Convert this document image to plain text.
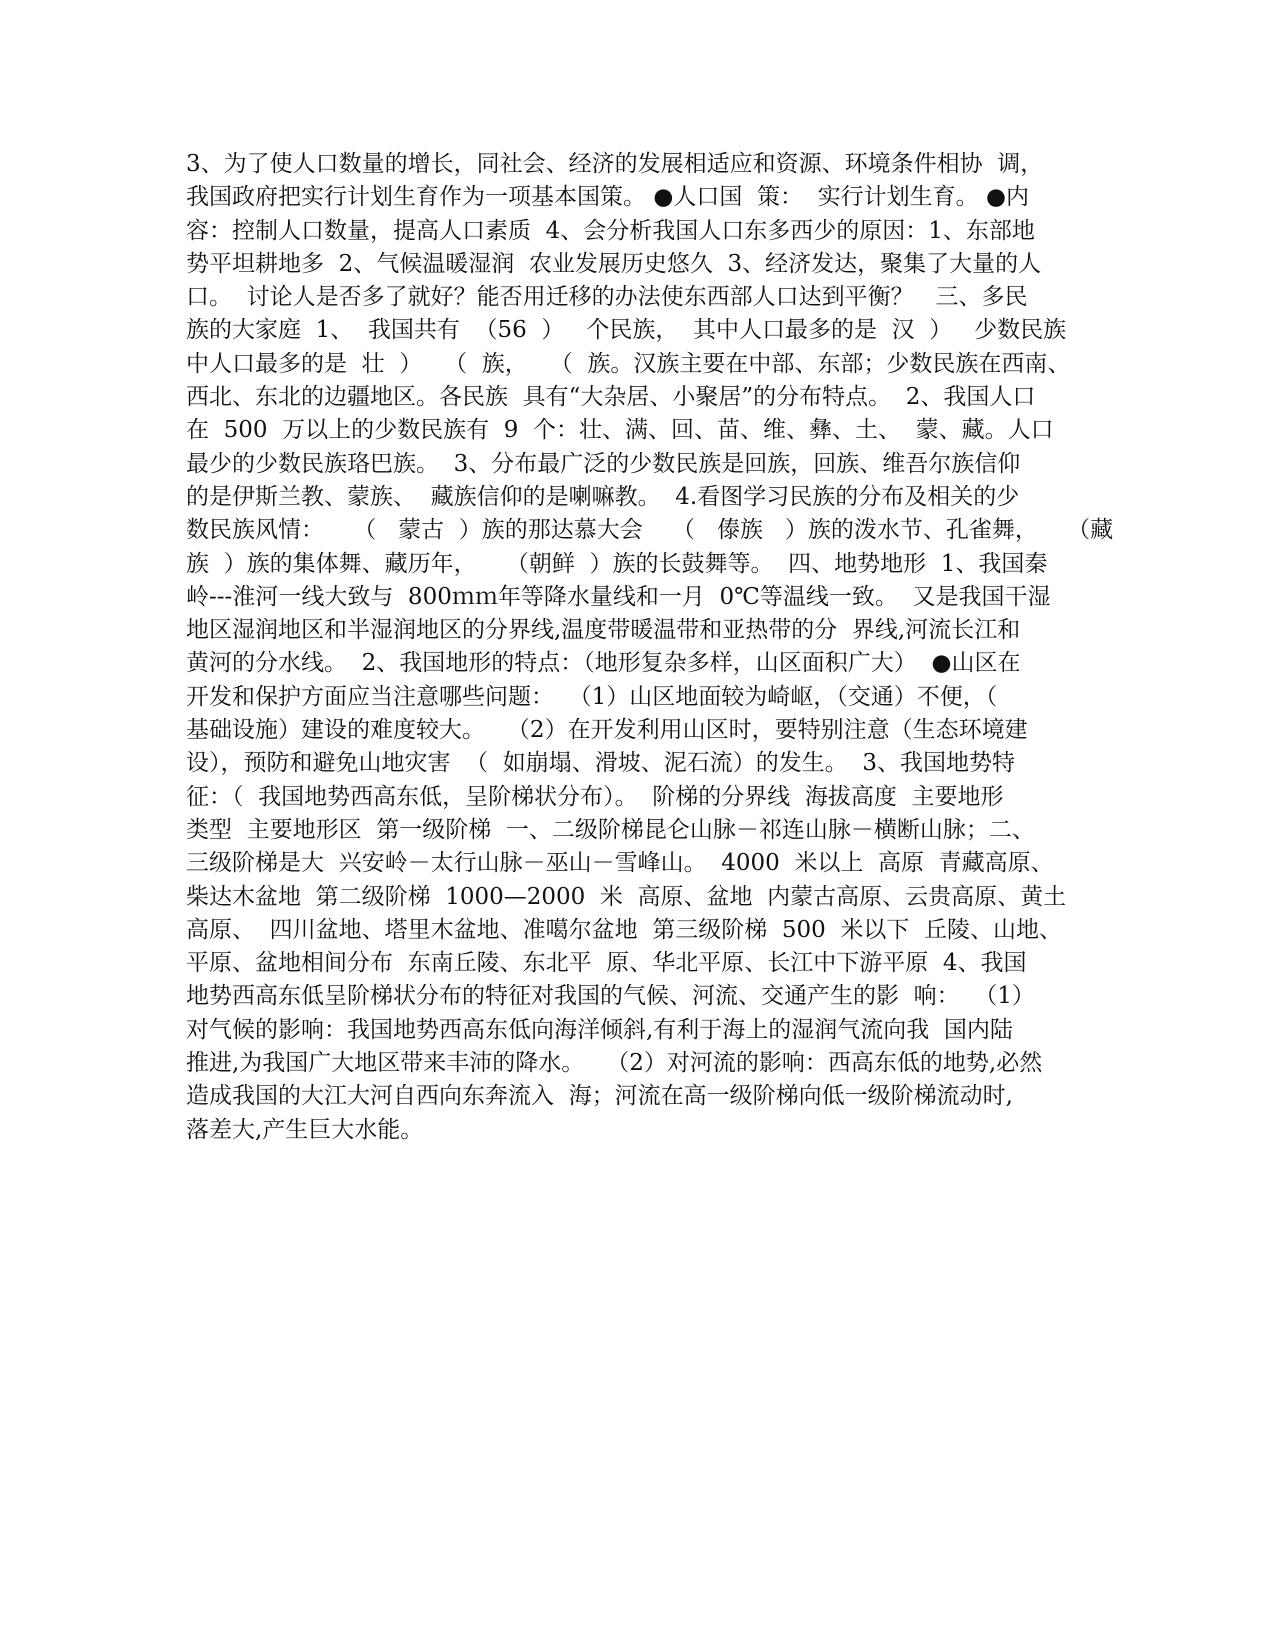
3、为了使人口数量的增长，同社会、经济的发展相适应和资源、环境条件相协  调，
我国政府把实行计划生育作为一项基本国策。 ●人口国  策：  实行计划生育。 ●内
容：控制人口数量，提高人口素质  4、会分析我国人口东多西少的原因：1、东部地
势平坦耕地多  2、气候温暖湿润  农业发展历史悠久  3、经济发达，聚集了大量的人
口。  讨论人是否多了就好？能否用迁移的办法使东西部人口达到平衡？   三、多民
族的大家庭  1、  我国共有  （56  ）   个民族，  其中人口最多的是  汉  ）   少数民族
中人口最多的是  壮  ）   （  族，   （  族。汉族主要在中部、东部；少数民族在西南、
西北、东北的边疆地区。各民族  具有“大杂居、小聚居”的分布特点。  2、我国人口
在  500  万以上的少数民族有  9  个：壮、满、回、苗、维、彝、土、  蒙、藏。人口
最少的少数民族珞巴族。  3、分布最广泛的少数民族是回族，回族、维吾尔族信仰
的是伊斯兰教、蒙族、  藏族信仰的是喇嘛教。  4.看图学习民族的分布及相关的少
数民族风情：    （   蒙古  ）族的那达慕大会    （   傣族   ）族的泼水节、孔雀舞，    （藏
族  ）族的集体舞、藏历年，    （朝鲜  ）族的长鼓舞等。  四、地势地形  1、我国秦
岭---淮河一线大致与  800ｍｍ年等降水量线和一月  0℃等温线一致。  又是我国干湿
地区湿润地区和半湿润地区的分界线,温度带暖温带和亚热带的分  界线,河流长江和
黄河的分水线。  2、我国地形的特点：（地形复杂多样，山区面积广大）  ●山区在
开发和保护方面应当注意哪些问题：  （1）山区地面较为崎岖，（交通）不便，（
基础设施）建设的难度较大。   （2）在开发利用山区时，要特别注意（生态环境建
设），预防和避免山地灾害  （  如崩塌、滑坡、泥石流）的发生。  3、我国地势特
征：（  我国地势西高东低，呈阶梯状分布）。  阶梯的分界线  海拔高度  主要地形
类型  主要地形区  第一级阶梯  一、二级阶梯昆仑山脉－祁连山脉－横断山脉；二、
三级阶梯是大  兴安岭－太行山脉－巫山－雪峰山。  4000  米以上  高原  青藏高原、
柴达木盆地  第二级阶梯  1000—2000  米  高原、盆地  内蒙古高原、云贵高原、黄土
高原、  四川盆地、塔里木盆地、准噶尔盆地  第三级阶梯  500  米以下  丘陵、山地、
平原、盆地相间分布  东南丘陵、东北平  原、华北平原、长江中下游平原  4、我国
地势西高东低呈阶梯状分布的特征对我国的气候、河流、交通产生的影  响：  （1）
对气候的影响：我国地势西高东低向海洋倾斜,有利于海上的湿润气流向我  国内陆
推进,为我国广大地区带来丰沛的降水。   （2）对河流的影响：西高东低的地势,必然
造成我国的大江大河自西向东奔流入  海；河流在高一级阶梯向低一级阶梯流动时,
落差大,产生巨大水能。
